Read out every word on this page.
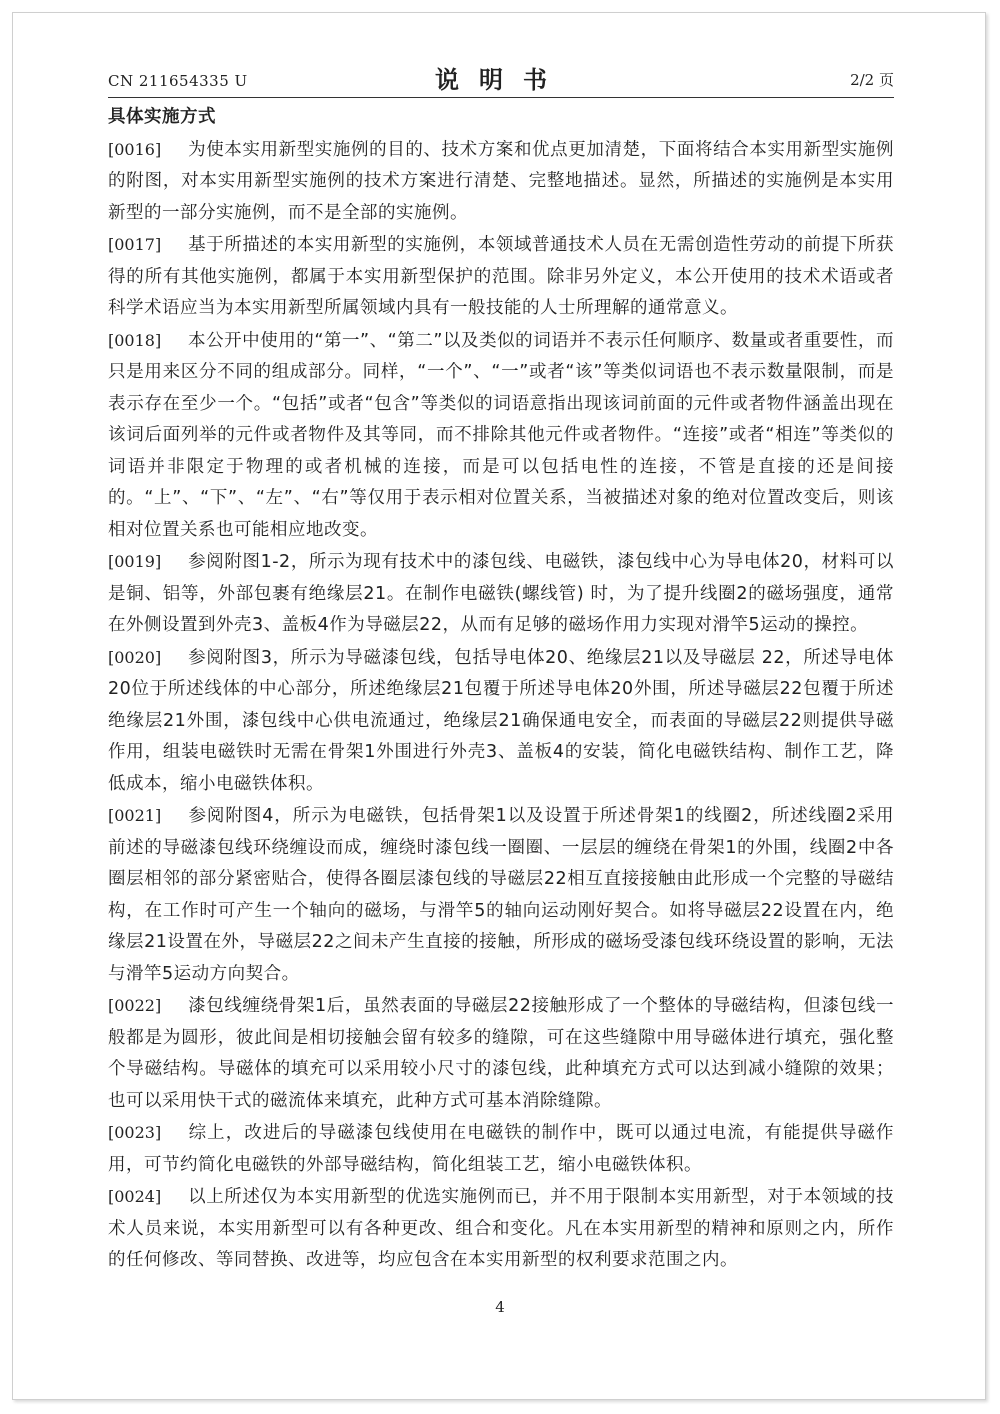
CN 211654335 U	说明书	2/2 页

具体实施方式

[0016] 为使本实用新型实施例的目的、技术方案和优点更加清楚，下面将结合本实用新型实施例的附图，对本实用新型实施例的技术方案进行清楚、完整地描述。显然，所描述的实施例是本实用新型的一部分实施例，而不是全部的实施例。

[0017] 基于所描述的本实用新型的实施例，本领域普通技术人员在无需创造性劳动的前提下所获得的所有其他实施例，都属于本实用新型保护的范围。除非另外定义，本公开使用的技术术语或者科学术语应当为本实用新型所属领域内具有一般技能的人士所理解的通常意义。

[0018] 本公开中使用的“第一”、“第二”以及类似的词语并不表示任何顺序、数量或者重要性，而只是用来区分不同的组成部分。同样，“一个”、“一”或者“该”等类似词语也不表示数量限制，而是表示存在至少一个。“包括”或者“包含”等类似的词语意指出现该词前面的元件或者物件涵盖出现在该词后面列举的元件或者物件及其等同，而不排除其他元件或者物件。“连接”或者“相连”等类似的词语并非限定于物理的或者机械的连接，而是可以包括电性的连接，不管是直接的还是间接的。“上”、“下”、“左”、“右”等仅用于表示相对位置关系，当被描述对象的绝对位置改变后，则该相对位置关系也可能相应地改变。

[0019] 参阅附图1-2，所示为现有技术中的漆包线、电磁铁，漆包线中心为导电体20，材料可以是铜、铝等，外部包裹有绝缘层21。在制作电磁铁(螺线管) 时，为了提升线圈2的磁场强度，通常在外侧设置到外壳3、盖板4作为导磁层22，从而有足够的磁场作用力实现对滑竿5运动的操控。

[0020] 参阅附图3，所示为导磁漆包线，包括导电体20、绝缘层21以及导磁层 22，所述导电体20位于所述线体的中心部分，所述绝缘层21包覆于所述导电体20外围，所述导磁层22包覆于所述绝缘层21外围，漆包线中心供电流通过，绝缘层21确保通电安全，而表面的导磁层22则提供导磁作用，组装电磁铁时无需在骨架1外围进行外壳3、盖板4的安装，简化电磁铁结构、制作工艺，降低成本，缩小电磁铁体积。

[0021] 参阅附图4，所示为电磁铁，包括骨架1以及设置于所述骨架1的线圈2，所述线圈2采用前述的导磁漆包线环绕缠设而成，缠绕时漆包线一圈圈、一层层的缠绕在骨架1的外围，线圈2中各圈层相邻的部分紧密贴合，使得各圈层漆包线的导磁层22相互直接接触由此形成一个完整的导磁结构，在工作时可产生一个轴向的磁场，与滑竿5的轴向运动刚好契合。如将导磁层22设置在内，绝缘层21设置在外，导磁层22之间未产生直接的接触，所形成的磁场受漆包线环绕设置的影响，无法与滑竿5运动方向契合。

[0022] 漆包线缠绕骨架1后，虽然表面的导磁层22接触形成了一个整体的导磁结构，但漆包线一般都是为圆形，彼此间是相切接触会留有较多的缝隙，可在这些缝隙中用导磁体进行填充，强化整个导磁结构。导磁体的填充可以采用较小尺寸的漆包线，此种填充方式可以达到减小缝隙的效果；也可以采用快干式的磁流体来填充，此种方式可基本消除缝隙。

[0023] 综上，改进后的导磁漆包线使用在电磁铁的制作中，既可以通过电流，有能提供导磁作用，可节约简化电磁铁的外部导磁结构，简化组装工艺，缩小电磁铁体积。

[0024] 以上所述仅为本实用新型的优选实施例而已，并不用于限制本实用新型，对于本领域的技术人员来说，本实用新型可以有各种更改、组合和变化。凡在本实用新型的精神和原则之内，所作的任何修改、等同替换、改进等，均应包含在本实用新型的权利要求范围之内。

4
